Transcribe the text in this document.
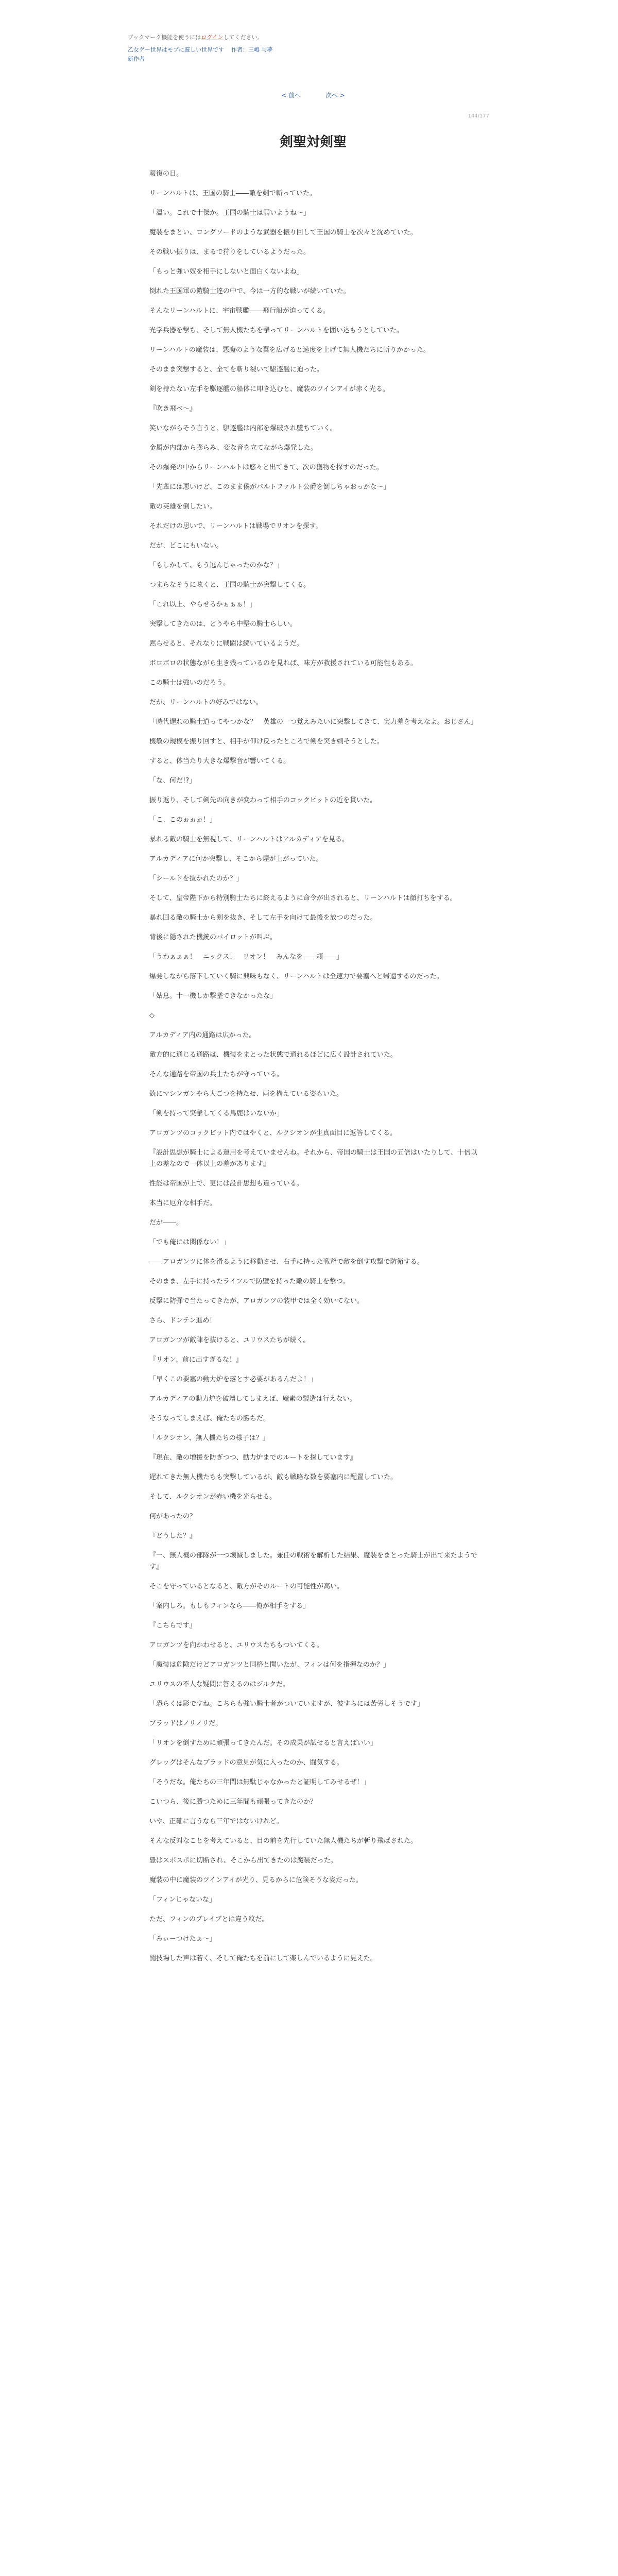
ブックマーク機能を使うにはログインしてください。

乙女ゲー世界はモブに厳しい世界です 作者：三嶋 与夢
新作者
< 前へ	次へ >
144/177
剣聖対剣聖

報復の日。

リーンハルトは、王国の騎士――敵を剣で斬っていた。

「温い。これで十傑か。王国の騎士は弱いようね～」

魔装をまとい、ロングソードのような武器を振り回して王国の騎士を次々と沈めていた。

その戦い振りは、まるで狩りをしているようだった。

「もっと強い奴を相手にしないと面白くないよね」

倒れた王国軍の鎧騎士達の中で、今は一方的な戦いが続いていた。

そんなリーンハルトに、宇宙戦艦――飛行船が迫ってくる。

光学兵器を撃ち、そして無人機たちを撃ってリーンハルトを囲い込もうとしていた。

リーンハルトの魔装は、悪魔のような翼を広げると速度を上げて無人機たちに斬りかかった。

そのまま突撃すると、全てを斬り裂いて駆逐艦に迫った。

剣を持たない左手を駆逐艦の船体に叩き込むと、魔装のツインアイが赤く光る。

『吹き飛べ～』

笑いながらそう言うと、駆逐艦は内部を爆破され墜ちていく。

金属が内部から膨らみ、変な音を立てながら爆発した。

その爆発の中からリーンハルトは悠々と出てきて、次の獲物を探すのだった。

「先輩には悪いけど、このまま僕がパルトファルト公爵を倒しちゃおっかな～」

敵の英雄を倒したい。

それだけの思いで、リーンハルトは戦場でリオンを探す。

だが、どこにもいない。

「もしかして、もう逃んじゃったのかな？」

つまらなそうに呟くと、王国の騎士が突撃してくる。

「これ以上、やらせるかぁぁぁ！」

突撃してきたのは、どうやら中堅の騎士らしい。

黙らせると、それなりに戦闘は続いているようだ。

ボロボロの状態ながら生き残っているのを見れば、味方が救援されている可能性もある。

この騎士は強いのだろう。

だが、リーンハルトの好みではない。

「時代遅れの騎士道ってやつかな？　英雄の一つ覚えみたいに突撃してきて、実力差を考えなよ。おじさん」

機敏の規模を振り回すと、相手が仰け反ったところで剣を突き刺そうとした。

すると、体当たり大きな爆撃音が響いてくる。

「な、何だ!?」

振り返り、そして剣先の向きが変わって相手のコックピットの近を貫いた。

「こ、このぉぉぉ！」

暴れる敵の騎士を無視して、リーンハルトはアルカディアを見る。

アルカディアに何か突撃し、そこから煙が上がっていた。

「シールドを抜かれたのか？」

そして、皇帝陛下から特別騎士たちに終えるように命令が出されると、リーンハルトは顔打ちをする。

暴れ回る敵の騎士から剣を抜き、そして左手を向けて最後を放つのだった。

背後に隠された機銃のパイロットが叫ぶ。

「うわぁぁぁ！　ニックス！　リオン！　みんなを――頼――」

爆発しながら落下していく騎に興味もなく、リーンハルトは全速力で要塞へと帰還するのだった。

「姑息。十一機しか撃墜できなかったな」

◇

アルカディア内の通路は広かった。

敵方的に通じる通路は、機装をまとった状態で通れるほどに広く設計されていた。

そんな通路を帝国の兵士たちが守っている。

銃にマシンガンやら大ごつを持たせ、両を構えている姿もいた。

「剣を持って突撃してくる馬鹿はいないか」

アロガンツのコックピット内ではやくと、ルクシオンが生真面目に返答してくる。

『設計思想が騎士による運用を考えていませんね。それから、帝国の騎士は王国の五倍はいたりして、十倍以上の差なので一体以上の差があります』

性能は帝国が上で、更には設計思想も違っている。

本当に厄介な相手だ。

だが――。

「でも俺には関係ない！」

――アロガンツに体を滑るように移動させ、右手に持った戦斧で敵を倒す攻撃で防衛する。

そのまま、左手に持ったライフルで防壁を持った敵の騎士を撃つ。

反撃に防弾で当たってきたが、アロガンツの装甲では全く効いてない。

さら、ドンテン進め！

アロガンツが敵陣を抜けると、ユリウスたちが続く。

『リオン、前に出すぎるな！』

「早くこの要塞の動力炉を落とす必要があるんだよ！」

アルカディアの動力炉を破壊してしまえば、魔素の製造は行えない。

そうなってしまえば、俺たちの勝ちだ。

「ルクシオン、無人機たちの様子は？」

『現在、敵の増援を防ぎつつ、動力炉までのルートを探しています』

遅れてきた無人機たちも突撃しているが、敵も戦略な数を要塞内に配置していた。

そして、ルクシオンが赤い機を光らせる。

何があったの？

『どうした？』

『一、無人機の部隊が一つ壊滅しました。兼任の戦術を解析した結果、魔装をまとった騎士が出て来たようです』

そこを守っているとなると、敵方がそのルートの可能性が高い。

「案内しろ。もしもフィンなら――俺が相手をする」

『こちらです』

アロガンツを向かわせると、ユリウスたちもついてくる。

「魔装は危険だけどアロガンツと同格と聞いたが、フィンは何を指揮なのか？」

ユリウスの不人な疑問に答えるのはジルクだ。

「恐らくは影ですね。こちらも強い騎士者がついていますが、彼すらには苦労しそうです」

ブラッドはノリノリだ。

「リオンを倒すために頑張ってきたんだ。その成果が試せると言えばいい」

グレッグはそんなブラッドの意見が気に入ったのか、闘気する。

「そうだな。俺たちの三年間は無駄じゃなかったと証明してみせるぜ！」

こいつら、後に勝つために三年間も頑張ってきたのか？

いや、正確に言うなら三年ではないけれど。

そんな反対なことを考えていると、目の前を先行していた無人機たちが斬り飛ばされた。

豊はスポスポに切断され、そこから出てきたのは魔装だった。

魔装の中に魔装のツインアイが光り、見るからに危険そうな姿だった。

「フィンじゃないな」

ただ、フィンのブレイブとは違う紋だ。

「みぃーつけたぁ～」

闘技場した声は若く、そして俺たちを前にして楽しんでいるように見えた。
